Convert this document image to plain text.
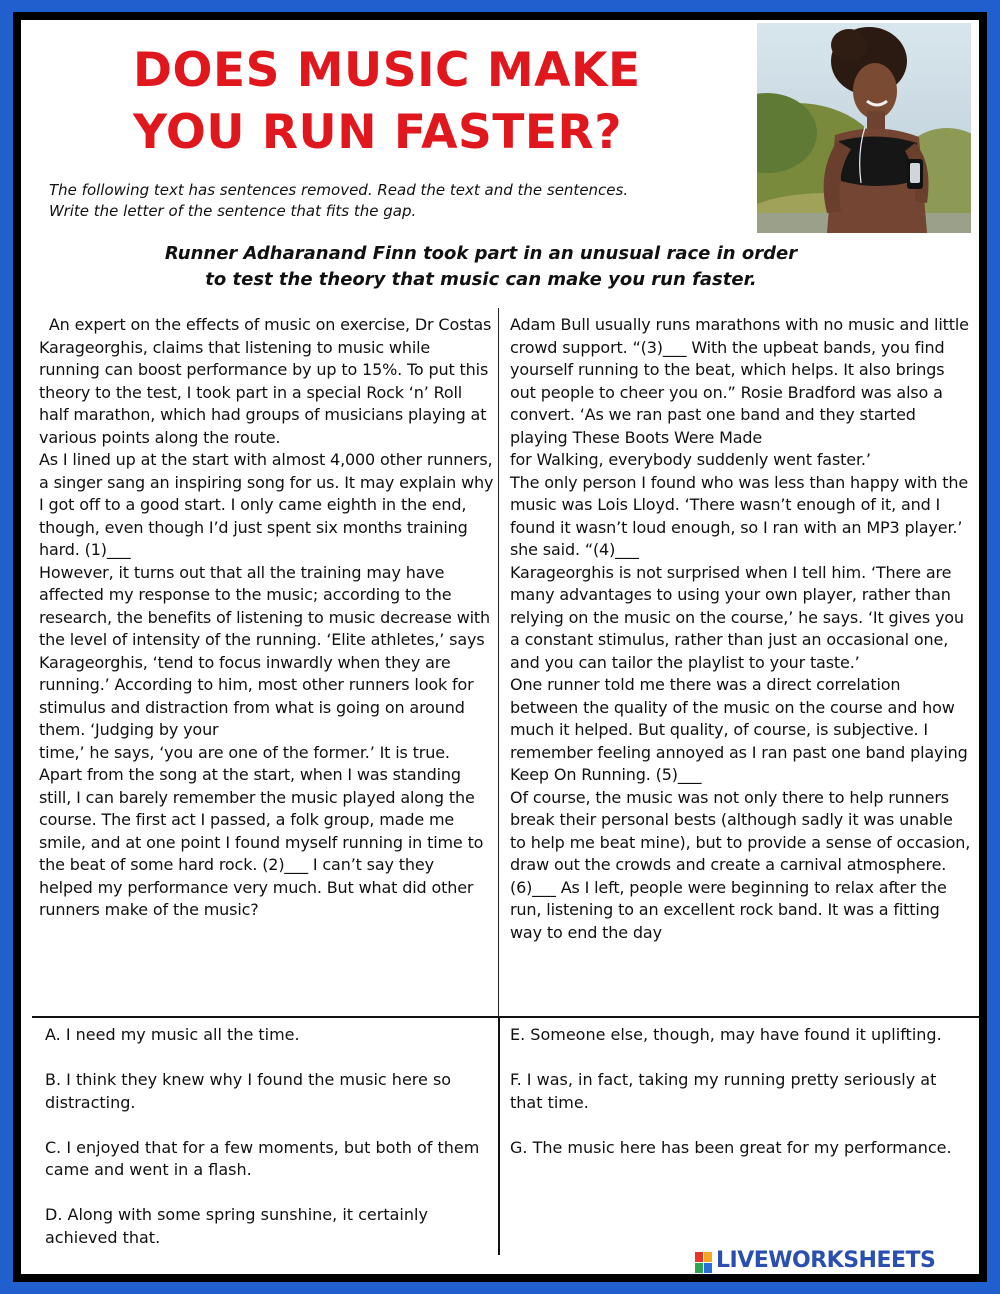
DOES MUSIC MAKE YOU RUN FASTER?
The following text has sentences removed. Read the text and the sentences.
Write the letter of the sentence that fits the gap.
Runner Adharanand Finn took part in an unusual race in order
to test the theory that music can make you run faster.

An expert on the effects of music on exercise, Dr Costas Karageorghis, claims that listening to music while running can boost performance by up to 15%. To put this theory to the test, I took part in a special Rock ‘n’ Roll half marathon, which had groups of musicians playing at various points along the route.

As I lined up at the start with almost 4,000 other runners, a singer sang an inspiring song for us. It may explain why I got off to a good start. I only came eighth in the end, though, even though I’d just spent six months training hard. (1)___

However, it turns out that all the training may have affected my response to the music; according to the research, the benefits of listening to music decrease with the level of intensity of the running. ‘Elite athletes,’ says Karageorghis, ‘tend to focus inwardly when they are running.’ According to him, most other runners look for stimulus and distraction from what is going on around them. ‘Judging by your

time,’ he says, ‘you are one of the former.’ It is true. Apart from the song at the start, when I was standing still, I can barely remember the music played along the course. The first act I passed, a folk group, made me smile, and at one point I found myself running in time to the beat of some hard rock. (2)___ I can’t say they

helped my performance very much. But what did other runners make of the music?

Adam Bull usually runs marathons with no music and little crowd support. “(3)___ With the upbeat bands, you find yourself running to the beat, which helps. It also brings out people to cheer you on.” Rosie Bradford was also a convert. ‘As we ran past one band and they started playing These Boots Were Made

for Walking, everybody suddenly went faster.’

The only person I found who was less than happy with the music was Lois Lloyd. ‘There wasn’t enough of it, and I found it wasn’t loud enough, so I ran with an MP3 player.’ she said. “(4)___

Karageorghis is not surprised when I tell him. ‘There are many advantages to using your own player, rather than relying on the music on the course,’ he says. ‘It gives you a constant stimulus, rather than just an occasional one, and you can tailor the playlist to your taste.’

One runner told me there was a direct correlation between the quality of the music on the course and how much it helped. But quality, of course, is subjective. I remember feeling annoyed as I ran past one band playing Keep On Running. (5)___

Of course, the music was not only there to help runners break their personal bests (although sadly it was unable to help me beat mine), but to provide a sense of occasion, draw out the crowds and create a carnival atmosphere. (6)___ As I left, people were beginning to relax after the run, listening to an excellent rock band. It was a fitting way to end the day

A. I need my music all the time.

B. I think they knew why I found the music here so distracting.

C. I enjoyed that for a few moments, but both of them came and went in a flash.

D. Along with some spring sunshine, it certainly achieved that.

E. Someone else, though, may have found it uplifting.

F. I was, in fact, taking my running pretty seriously at that time.

G. The music here has been great for my performance.

LIVEWORKSHEETS
